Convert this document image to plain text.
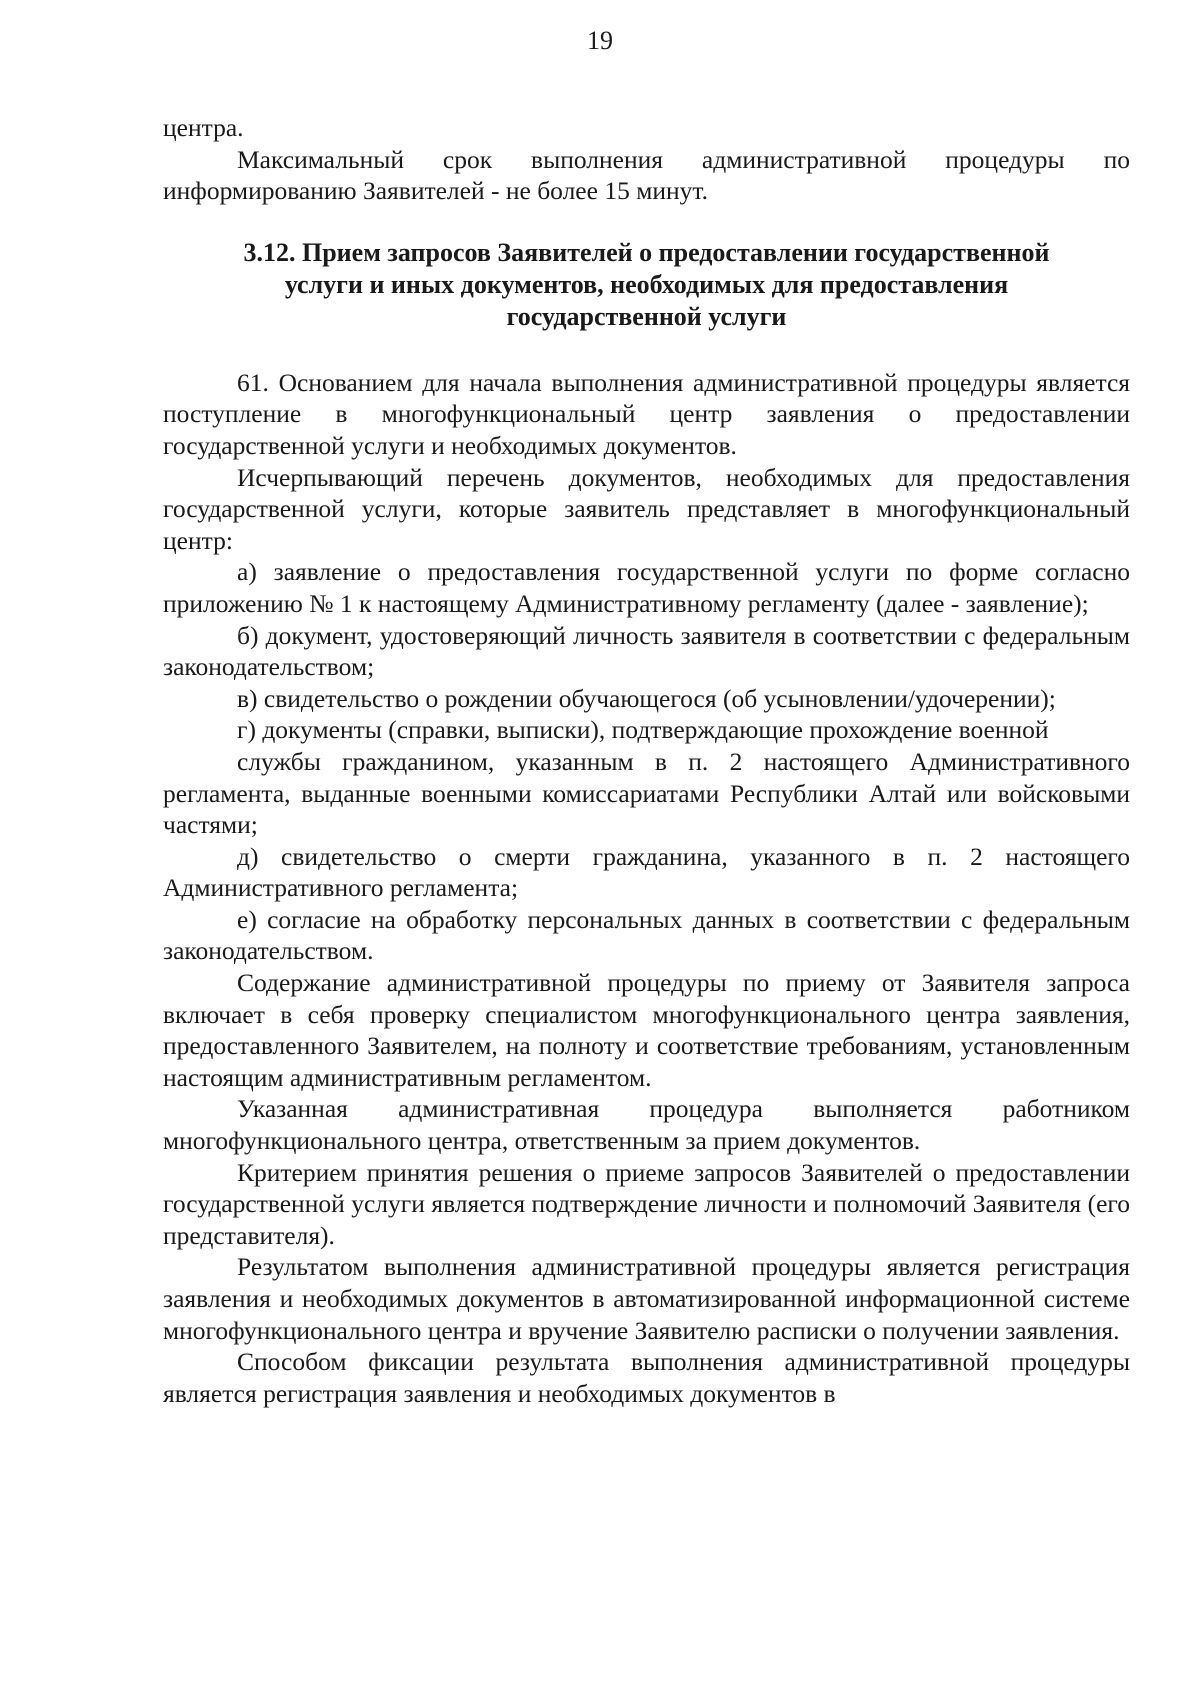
19

центра.

Максимальный срок выполнения административной процедуры по информированию Заявителей - не более 15 минут.

3.12. Прием запросов Заявителей о предоставлении государственной
услуги и иных документов, необходимых для предоставления
государственной услуги

61. Основанием для начала выполнения административной процедуры является поступление в многофункциональный центр заявления о предоставлении государственной услуги и необходимых документов.

Исчерпывающий перечень документов, необходимых для предоставления государственной услуги, которые заявитель представляет в многофункциональный центр:

а) заявление о предоставления государственной услуги по форме согласно приложению № 1 к настоящему Административному регламенту (далее - заявление);

б) документ, удостоверяющий личность заявителя в соответствии с федеральным законодательством;

в) свидетельство о рождении обучающегося (об усыновлении/удочерении);

г) документы (справки, выписки), подтверждающие прохождение военной

службы гражданином, указанным в п. 2 настоящего Административного регламента, выданные военными комиссариатами Республики Алтай или войсковыми частями;

д) свидетельство о смерти гражданина, указанного в п. 2 настоящего Административного регламента;

е) согласие на обработку персональных данных в соответствии с федеральным законодательством.

Содержание административной процедуры по приему от Заявителя запроса включает в себя проверку специалистом многофункционального центра заявления, предоставленного Заявителем, на полноту и соответствие требованиям, установленным настоящим административным регламентом.

Указанная административная процедура выполняется работником многофункционального центра, ответственным за прием документов.

Критерием принятия решения о приеме запросов Заявителей о предоставлении государственной услуги является подтверждение личности и полномочий Заявителя (его представителя).

Результатом выполнения административной процедуры является регистрация заявления и необходимых документов в автоматизированной информационной системе многофункционального центра и вручение Заявителю расписки о получении заявления.

Способом фиксации результата выполнения административной процедуры является регистрация заявления и необходимых документов в
